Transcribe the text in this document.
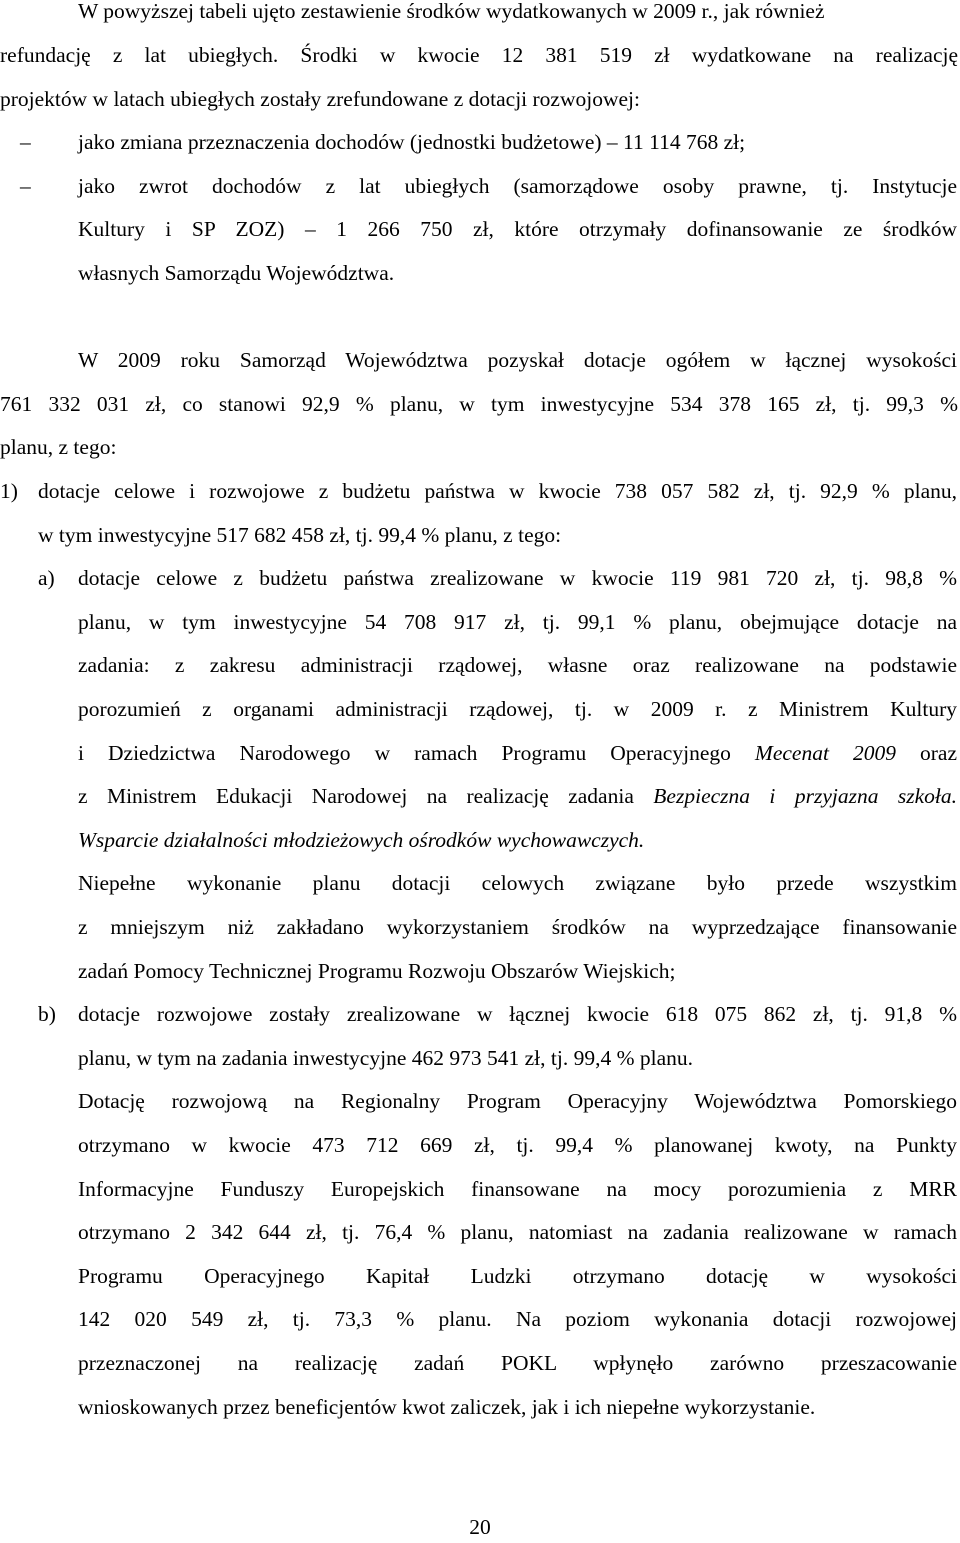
W powyższej tabeli ujęto zestawienie środków wydatkowanych w 2009 r., jak również
refundację z lat ubiegłych. Środki w kwocie 12 381 519 zł wydatkowane na realizację
projektów w latach ubiegłych zostały zrefundowane z dotacji rozwojowej:
– jako zmiana przeznaczenia dochodów (jednostki budżetowe) – 11 114 768 zł;
– jako zwrot dochodów z lat ubiegłych (samorządowe osoby prawne, tj. Instytucje
Kultury i SP ZOZ) – 1 266 750 zł, które otrzymały dofinansowanie ze środków
własnych Samorządu Województwa.
W 2009 roku Samorząd Województwa pozyskał dotacje ogółem w łącznej wysokości
761 332 031 zł, co stanowi 92,9 % planu, w tym inwestycyjne 534 378 165 zł, tj. 99,3 %
planu, z tego:
1) dotacje celowe i rozwojowe z budżetu państwa w kwocie 738 057 582 zł, tj. 92,9 % planu,
w tym inwestycyjne 517 682 458 zł, tj. 99,4 % planu, z tego:
a) dotacje celowe z budżetu państwa zrealizowane w kwocie 119 981 720 zł, tj. 98,8 %
planu, w tym inwestycyjne 54 708 917 zł, tj. 99,1 % planu, obejmujące dotacje na
zadania: z zakresu administracji rządowej, własne oraz realizowane na podstawie
porozumień z organami administracji rządowej, tj. w 2009 r. z Ministrem Kultury
i Dziedzictwa Narodowego w ramach Programu Operacyjnego Mecenat 2009 oraz
z Ministrem Edukacji Narodowej na realizację zadania Bezpieczna i przyjazna szkoła.
Wsparcie działalności młodzieżowych ośrodków wychowawczych.
Niepełne wykonanie planu dotacji celowych związane było przede wszystkim
z mniejszym niż zakładano wykorzystaniem środków na wyprzedzające finansowanie
zadań Pomocy Technicznej Programu Rozwoju Obszarów Wiejskich;
b) dotacje rozwojowe zostały zrealizowane w łącznej kwocie 618 075 862 zł, tj. 91,8 %
planu, w tym na zadania inwestycyjne 462 973 541 zł, tj. 99,4 % planu.
Dotację rozwojową na Regionalny Program Operacyjny Województwa Pomorskiego
otrzymano w kwocie 473 712 669 zł, tj. 99,4 % planowanej kwoty, na Punkty
Informacyjne Funduszy Europejskich finansowane na mocy porozumienia z MRR
otrzymano 2 342 644 zł, tj. 76,4 % planu, natomiast na zadania realizowane w ramach
Programu Operacyjnego Kapitał Ludzki otrzymano dotację w wysokości
142 020 549 zł, tj. 73,3 % planu. Na poziom wykonania dotacji rozwojowej
przeznaczonej na realizację zadań POKL wpłynęło zarówno przeszacowanie
wnioskowanych przez beneficjentów kwot zaliczek, jak i ich niepełne wykorzystanie.
20
